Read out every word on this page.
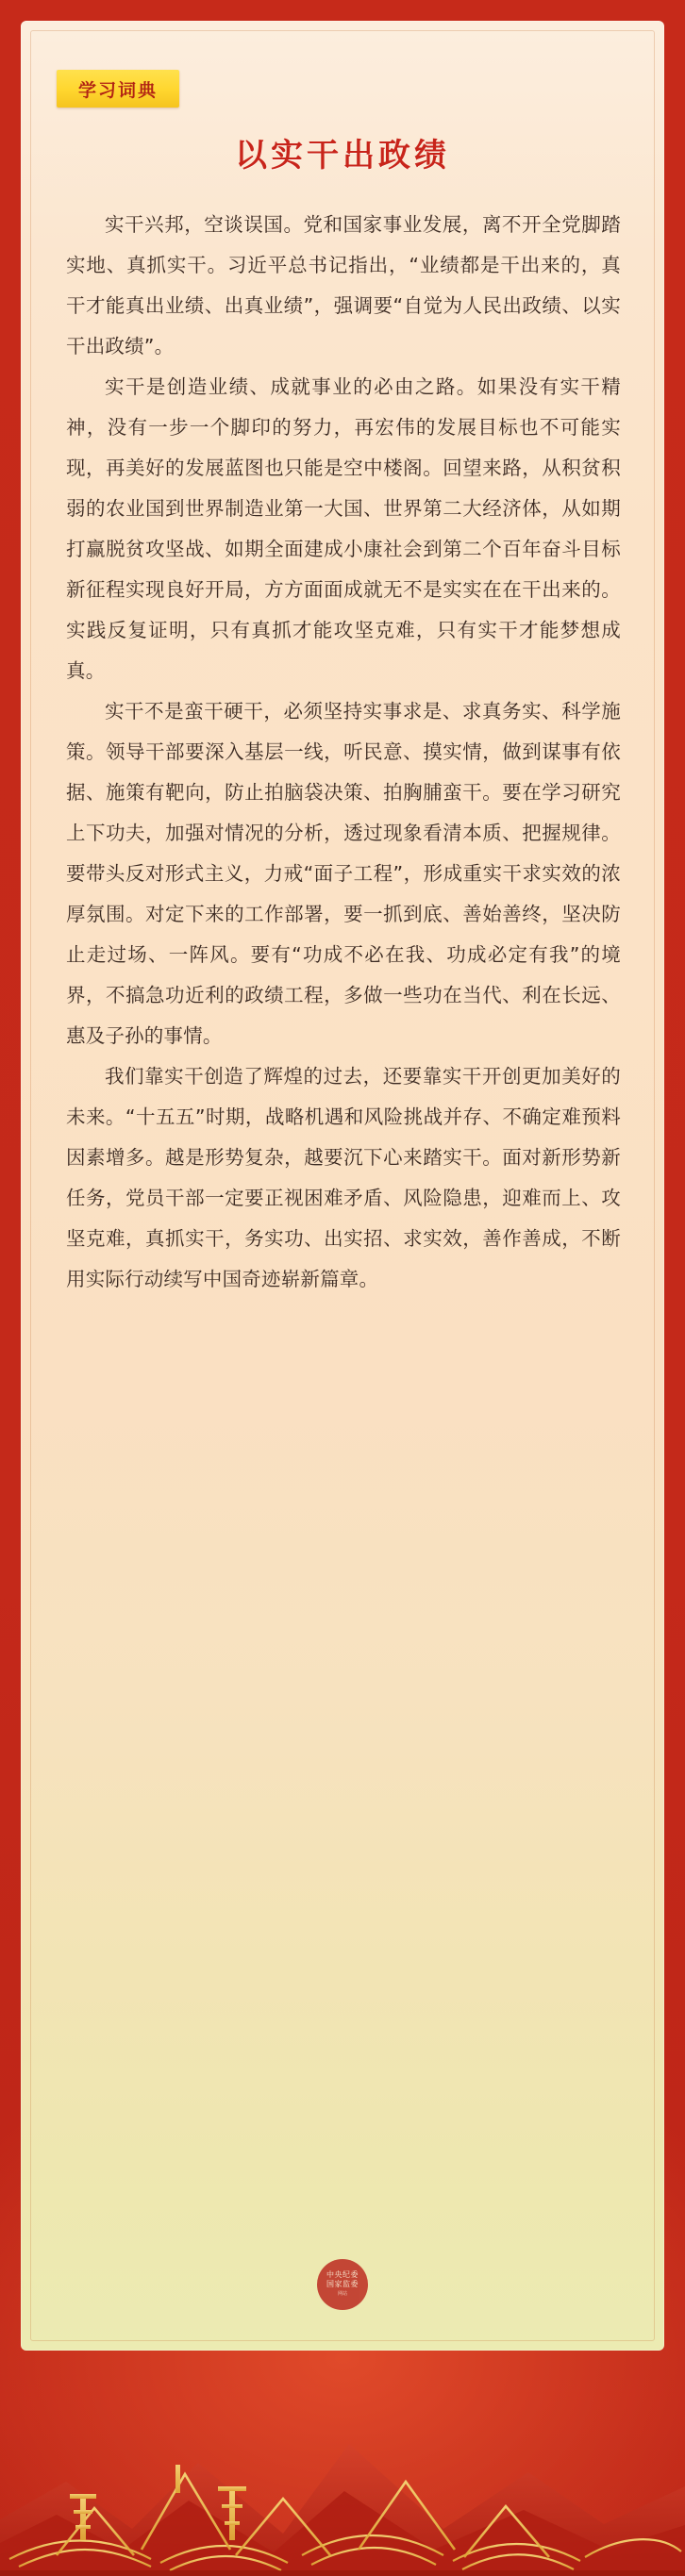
学习词典
以实干出政绩

实干兴邦，空谈误国。党和国家事业发展，离不开全党脚踏实地、真抓实干。习近平总书记指出，“业绩都是干出来的，真干才能真出业绩、出真业绩”，强调要“自觉为人民出政绩、以实干出政绩”。

实干是创造业绩、成就事业的必由之路。如果没有实干精神，没有一步一个脚印的努力，再宏伟的发展目标也不可能实现，再美好的发展蓝图也只能是空中楼阁。回望来路，从积贫积弱的农业国到世界制造业第一大国、世界第二大经济体，从如期打赢脱贫攻坚战、如期全面建成小康社会到第二个百年奋斗目标新征程实现良好开局，方方面面成就无不是实实在在干出来的。实践反复证明，只有真抓才能攻坚克难，只有实干才能梦想成真。

实干不是蛮干硬干，必须坚持实事求是、求真务实、科学施策。领导干部要深入基层一线，听民意、摸实情，做到谋事有依据、施策有靶向，防止拍脑袋决策、拍胸脯蛮干。要在学习研究上下功夫，加强对情况的分析，透过现象看清本质、把握规律。要带头反对形式主义，力戒“面子工程”，形成重实干求实效的浓厚氛围。对定下来的工作部署，要一抓到底、善始善终，坚决防止走过场、一阵风。要有“功成不必在我、功成必定有我”的境界，不搞急功近利的政绩工程，多做一些功在当代、利在长远、惠及子孙的事情。

我们靠实干创造了辉煌的过去，还要靠实干开创更加美好的未来。“十五五”时期，战略机遇和风险挑战并存、不确定难预料因素增多。越是形势复杂，越要沉下心来踏实干。面对新形势新任务，党员干部一定要正视困难矛盾、风险隐患，迎难而上、攻坚克难，真抓实干，务实功、出实招、求实效，善作善成，不断用实际行动续写中国奇迹崭新篇章。

中央纪委
国家监委
网站
